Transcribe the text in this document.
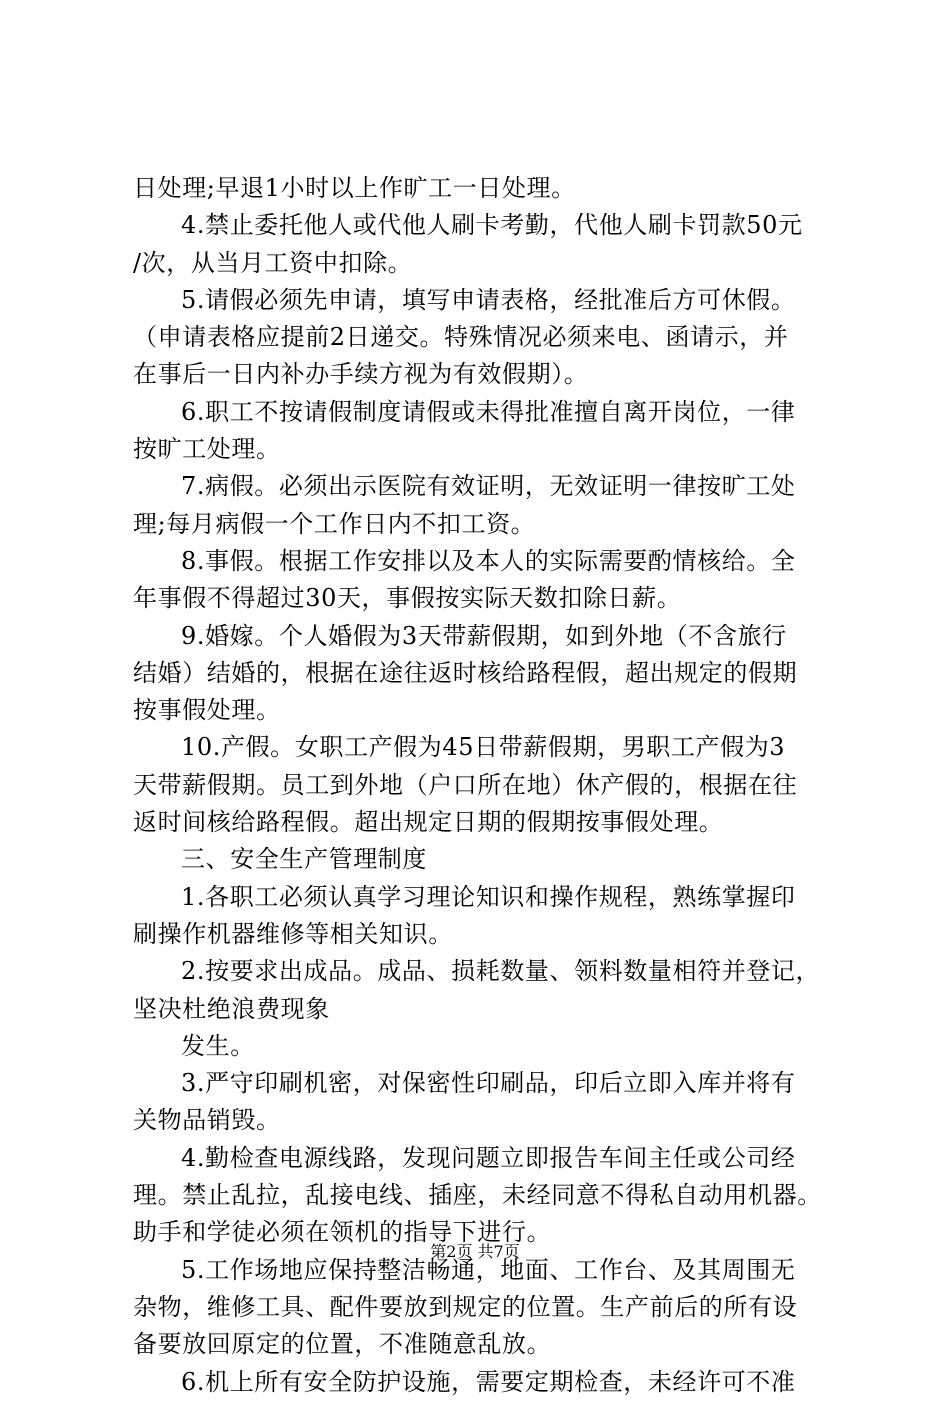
日处理;早退1小时以上作旷工一日处理。
4.禁止委托他人或代他人刷卡考勤，代他人刷卡罚款50元
/次，从当月工资中扣除。
5.请假必须先申请，填写申请表格，经批准后方可休假。
（申请表格应提前2日递交。特殊情况必须来电、函请示，并
在事后一日内补办手续方视为有效假期）。
6.职工不按请假制度请假或未得批准擅自离开岗位，一律
按旷工处理。
7.病假。必须出示医院有效证明，无效证明一律按旷工处
理;每月病假一个工作日内不扣工资。
8.事假。根据工作安排以及本人的实际需要酌情核给。全
年事假不得超过30天，事假按实际天数扣除日薪。
9.婚嫁。个人婚假为3天带薪假期，如到外地（不含旅行
结婚）结婚的，根据在途往返时核给路程假，超出规定的假期
按事假处理。
10.产假。女职工产假为45日带薪假期，男职工产假为3
天带薪假期。员工到外地（户口所在地）休产假的，根据在往
返时间核给路程假。超出规定日期的假期按事假处理。
三、安全生产管理制度
1.各职工必须认真学习理论知识和操作规程，熟练掌握印
刷操作机器维修等相关知识。
2.按要求出成品。成品、损耗数量、领料数量相符并登记，
坚决杜绝浪费现象
发生。
3.严守印刷机密，对保密性印刷品，印后立即入库并将有
关物品销毁。
4.勤检查电源线路，发现问题立即报告车间主任或公司经
理。禁止乱拉，乱接电线、插座，未经同意不得私自动用机器。
助手和学徒必须在领机的指导下进行。
5.工作场地应保持整洁畅通，地面、工作台、及其周围无
杂物，维修工具、配件要放到规定的位置。生产前后的所有设
备要放回原定的位置，不准随意乱放。
6.机上所有安全防护设施，需要定期检查，未经许可不准
第2页 共7页
